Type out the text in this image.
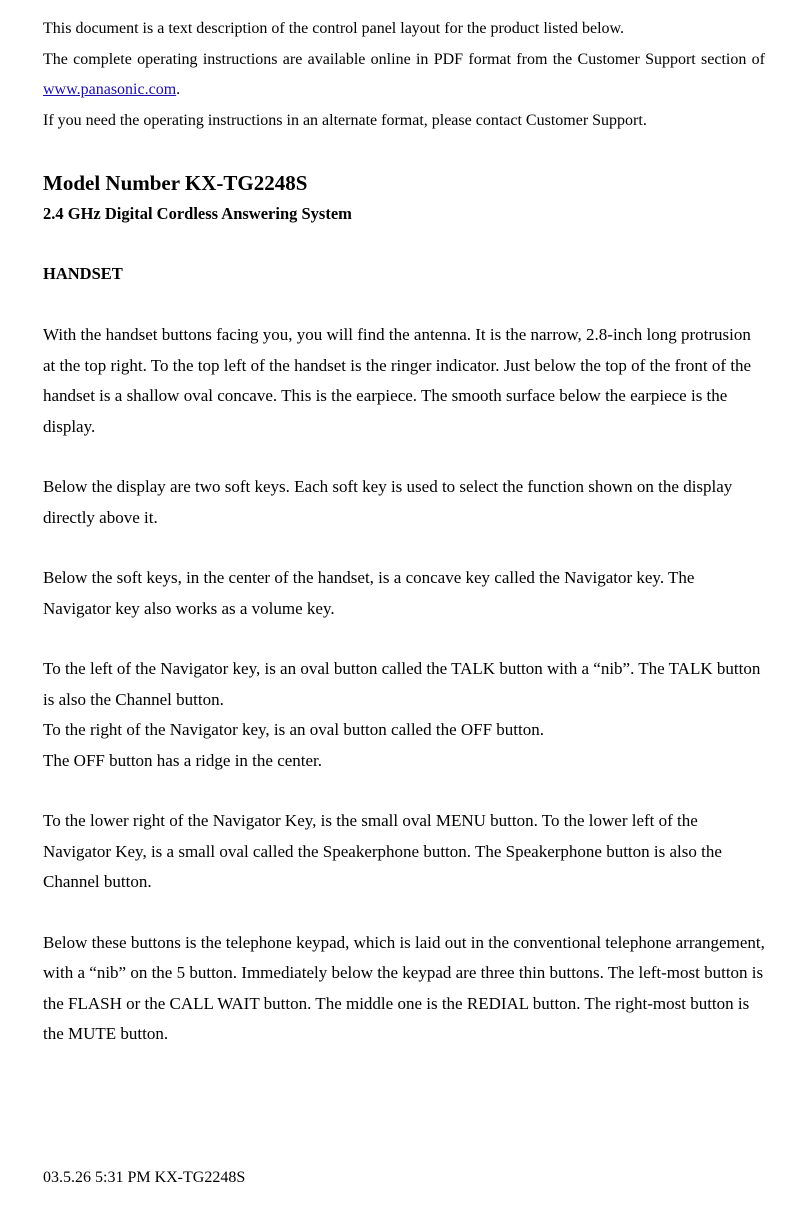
This document is a text description of the control panel layout for the product listed below.

The complete operating instructions are available online in PDF format from the Customer Support section of www.panasonic.com.

If you need the operating instructions in an alternate format, please contact Customer Support.

Model Number KX-TG2248S
2.4 GHz Digital Cordless Answering System
HANDSET

With the handset buttons facing you, you will find the antenna. It is the narrow, 2.8-inch long protrusion at the top right. To the top left of the handset is the ringer indicator. Just below the top of the front of the handset is a shallow oval concave. This is the earpiece. The smooth surface below the earpiece is the display.

Below the display are two soft keys. Each soft key is used to select the function shown on the display directly above it.

Below the soft keys, in the center of the handset, is a concave key called the Navigator key. The Navigator key also works as a volume key.

To the left of the Navigator key, is an oval button called the TALK button with a “nib”. The TALK button is also the Channel button.

To the right of the Navigator key, is an oval button called the OFF button.

The OFF button has a ridge in the center.

To the lower right of the Navigator Key, is the small oval MENU button. To the lower left of the Navigator Key, is a small oval called the Speakerphone button. The Speakerphone button is also the Channel button.

Below these buttons is the telephone keypad, which is laid out in the conventional telephone arrangement, with a “nib” on the 5 button. Immediately below the keypad are three thin buttons. The left-most button is the FLASH or the CALL WAIT button. The middle one is the REDIAL button. The right-most button is the MUTE button.

03.5.26 5:31 PM KX-TG2248S
